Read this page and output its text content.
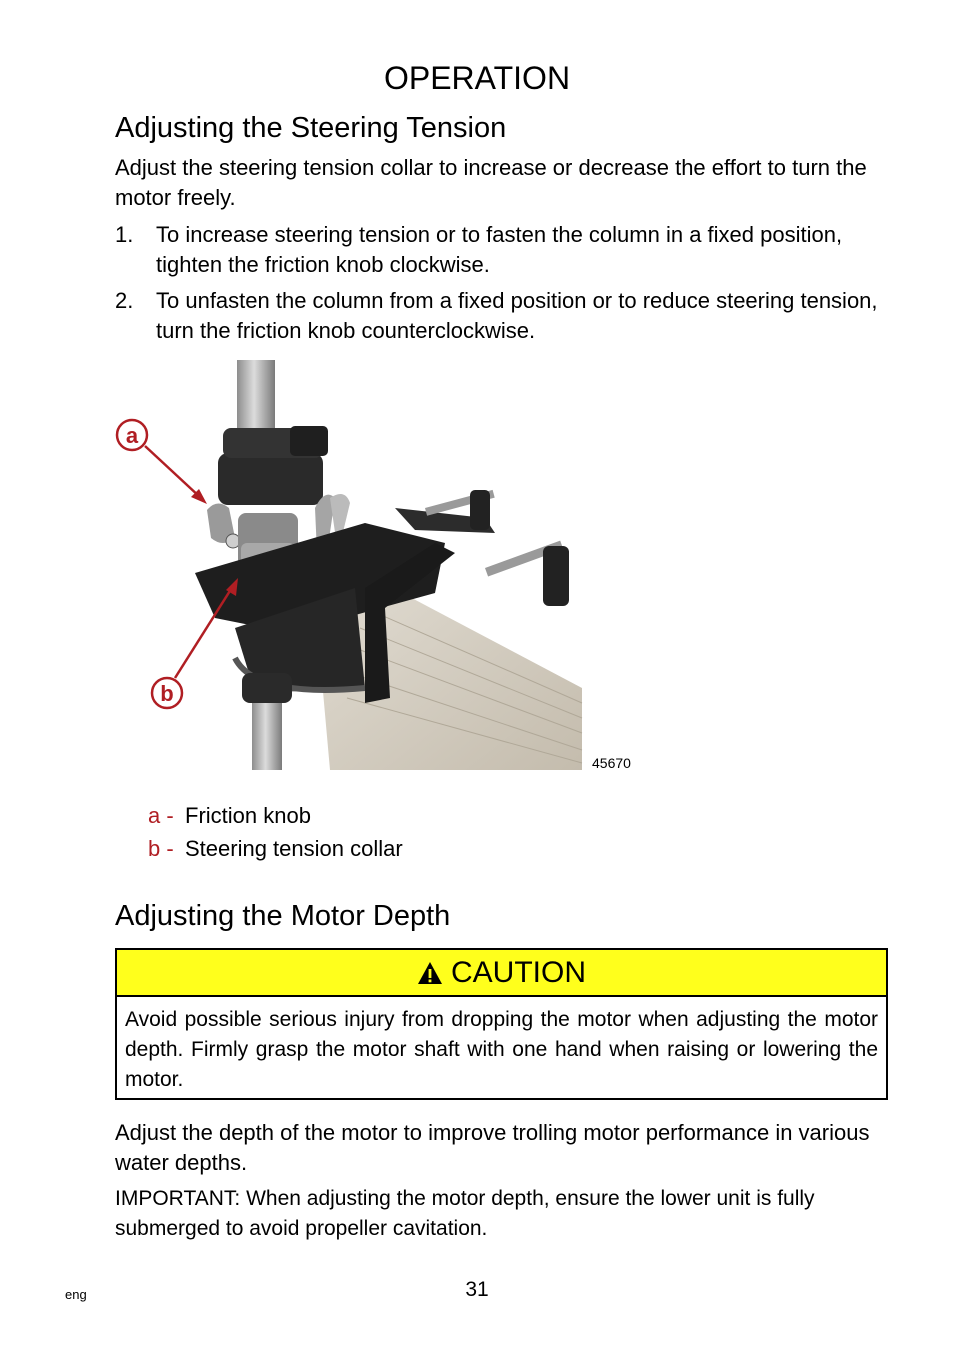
OPERATION
Adjusting the Steering Tension
Adjust the steering tension collar to increase or decrease the effort to turn the motor freely.
1.	To increase steering tension or to fasten the column in a fixed position, tighten the friction knob clockwise.
2.	To unfasten the column from a fixed position or to reduce steering tension, turn the friction knob counterclockwise.
a
b
45670
a - Friction knob
b - Steering tension collar
Adjusting the Motor Depth
CAUTION
Avoid possible serious injury from dropping the motor when adjusting the motor depth. Firmly grasp the motor shaft with one hand when raising or lowering the motor.
Adjust the depth of the motor to improve trolling motor performance in various water depths.
IMPORTANT: When adjusting the motor depth, ensure the lower unit is fully submerged to avoid propeller cavitation.
31
eng
